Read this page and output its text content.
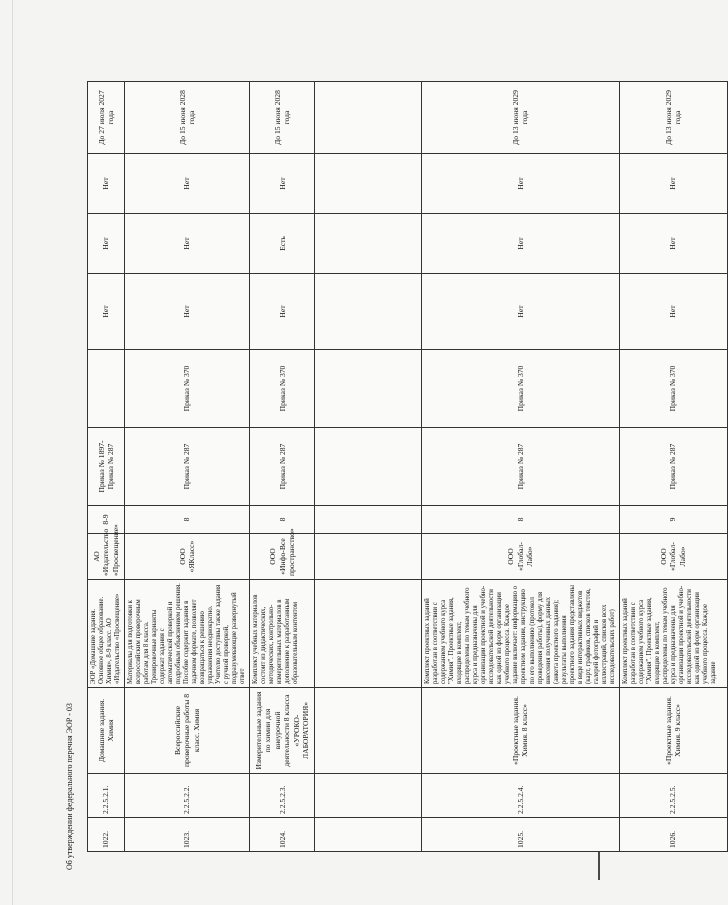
1022.	2.2.5.2.1.	Домашние задания. Химия	ЭОР «Домашние задания. Основное общее образование. Химия», 8-9 класс. АО «Издательство «Просвещение»	АО «Издательство «Просвещение»	8-9	Приказ № 1897-Приказ № 287		Нет	Нет	Нет	До 27 июля 2027 года
1023.	2.2.5.2.2.	Всероссийские проверочные работы 8 класс. Химия	Материалы для подготовки к всероссийским проверочным работам для 8 класса. Тренировочные варианты содержат задания с автоматической проверкой и подробным объяснением решения. Пособие содержит задания в задачном формате, позволяет возвращаться к решению упражнения неоднократно. Учителю доступны также задания с ручной проверкой, подразумевающие развернутый ответ	ООО «ЯКласс»	8	Приказ № 287	Приказ № 370	Нет	Нет	Нет	До 15 июня 2028 года
1024.	2.2.5.2.3.	Измерительные задания по химии для внеурочной деятельности 8 класса «УРОКО-ЛАБОРАТОРИЯ»	Комплект учебных материалов состоит из дидактических, методических, контрольно-измерительных материалов в дополнение к разработанным образовательным контентом	ООО «Инфо-Все пространство»	8	Приказ № 287	Приказ № 370	Нет	Есть	Нет	До 15 июня 2028 года

1025.	2.2.5.2.4.	«Проектные задания. Химия. 8 класс»	Комплект проектных заданий разработан в соответствии с содержанием учебного курса "Химия". Проектные задания, входящие в комплект, распределены по темам учебного курса и предназначены для организации проектной и учебно-исследовательской деятельности как одной из форм организации учебного процесса. Каждое задание включает: информацию о проектном задании, инструкцию по его выполнению (протокол проведения работы), форму для внесения полученных данных (анкета проектного задания); результаты выполнения проектного задания представлены в виде интерактивных виджетов (карт, графиков, списков текстов, галерей фотографий и иллюстраций, списков всех исследовательских работ)	ООО «Глобал-Лабо»	8	Приказ № 287	Приказ № 370	Нет	Нет	Нет	До 13 июня 2029 года
1026.	2.2.5.2.5.	«Проектные задания. Химия. 9 класс»	Комплект проектных заданий разработан в соответствии с содержанием учебного курса "Химия". Проектные задания, входящие в комплект, распределены по темам учебного курса и предназначены для организации проектной и учебно-исследовательской деятельности как одной из форм организации учебного процесса. Каждое задание	ООО «Глобал-Лабо»	9	Приказ № 287	Приказ № 370	Нет	Нет	Нет	До 13 июня 2029 года
Об утверждении федерального перечня ЭОР - 03
